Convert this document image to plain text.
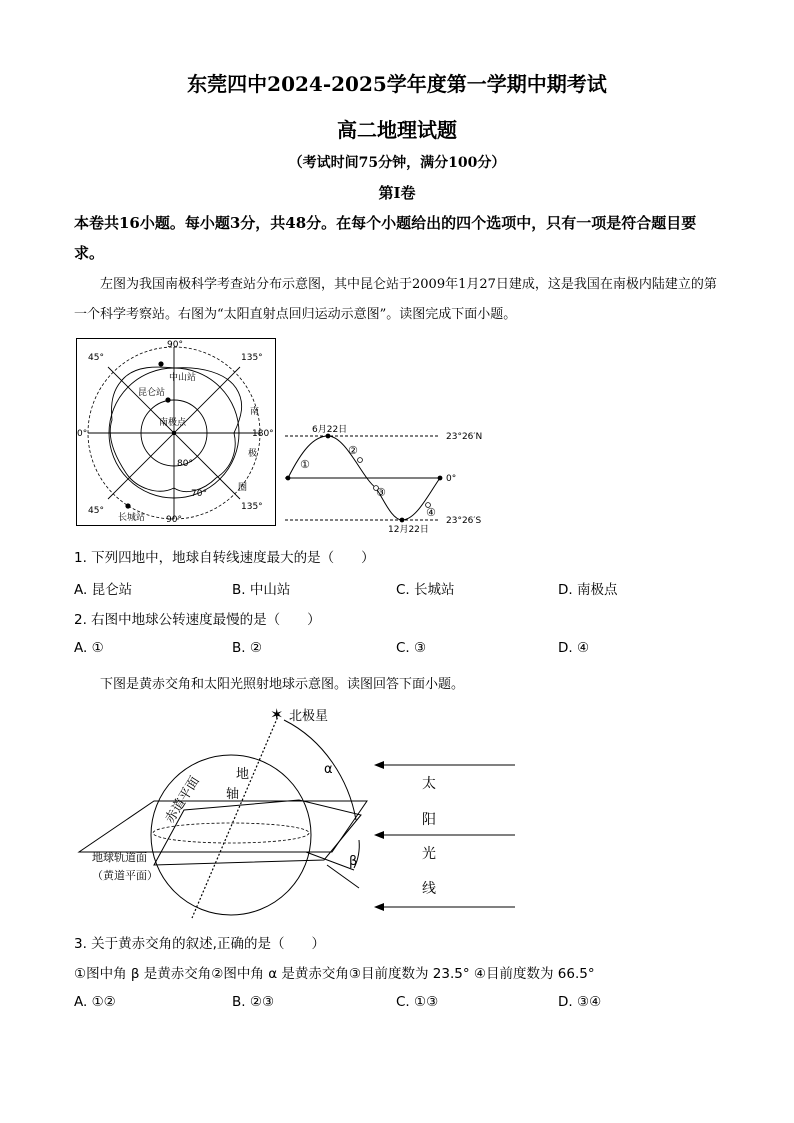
东莞四中2024-2025学年度第一学期中期考试
高二地理试题
（考试时间75分钟，满分100分）
第Ⅰ卷
本卷共16小题。每小题3分，共48分。在每个小题给出的四个选项中，只有一项是符合题目要求。
左图为我国南极科学考查站分布示意图，其中昆仑站于2009年1月27日建成，这是我国在南极内陆建立的第一个科学考察站。右图为“太阳直射点回归运动示意图”。读图完成下面小题。
90°
45°	135°
0°	180°
45°	135°
90°
80°
70°
中山站
昆仑站
南极点
长城站
南
极
圈
6月22日
12月22日
23°26′N
0°
23°26′S
①
②
③
④
1. 下列四地中，地球自转线速度最大的是（　　）
A. 昆仑站	B. 中山站	C. 长城站	D. 南极点
2. 右图中地球公转速度最慢的是（　　）
A. ①	B. ②	C. ③	D. ④
下图是黄赤交角和太阳光照射地球示意图。读图回答下面小题。
✶ 北极星
地
轴
赤道平面
地球轨道面
（黄道平面）
α
β
太
阳
光
线
3. 关于黄赤交角的叙述,正确的是（　　）
①图中角 β 是黄赤交角②图中角 α 是黄赤交角③目前度数为 23.5° ④目前度数为 66.5°
A. ①②	B. ②③	C. ①③	D. ③④
